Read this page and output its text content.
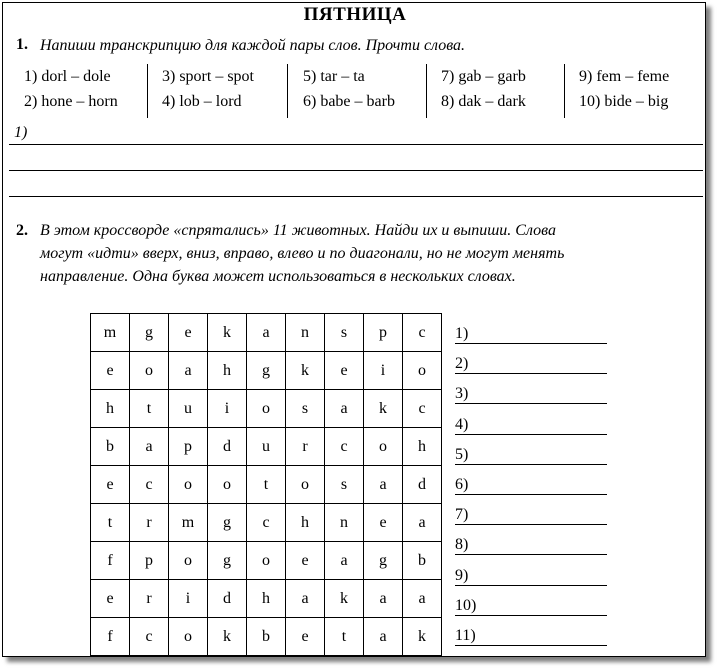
ПЯТНИЦА
1. Напиши транскрипцию для каждой пары слов. Прочти слова.
1) dorl – dole
2) hone – horn
3) sport – spot
4) lob – lord
5) tar – ta
6) babe – barb
7) gab – garb
8) dak – dark
9) fem – feme
10) bide – big
1)
2. В этом кроссворде «спрятались» 11 животных. Найди их и выпиши. Слова
могут «идти» вверх, вниз, вправо, влево и по диагонали, но не могут менять
направление. Одна буква может использоваться в нескольких словах.
m	g	e	k	a	n	s	p	c
e	o	a	h	g	k	e	i	o
h	t	u	i	o	s	a	k	c
b	a	p	d	u	r	c	o	h
e	c	o	o	t	o	s	a	d
t	r	m	g	c	h	n	e	a
f	p	o	g	o	e	a	g	b
e	r	i	d	h	a	k	a	a
f	c	o	k	b	e	t	a	k
1)
2)
3)
4)
5)
6)
7)
8)
9)
10)
11)
